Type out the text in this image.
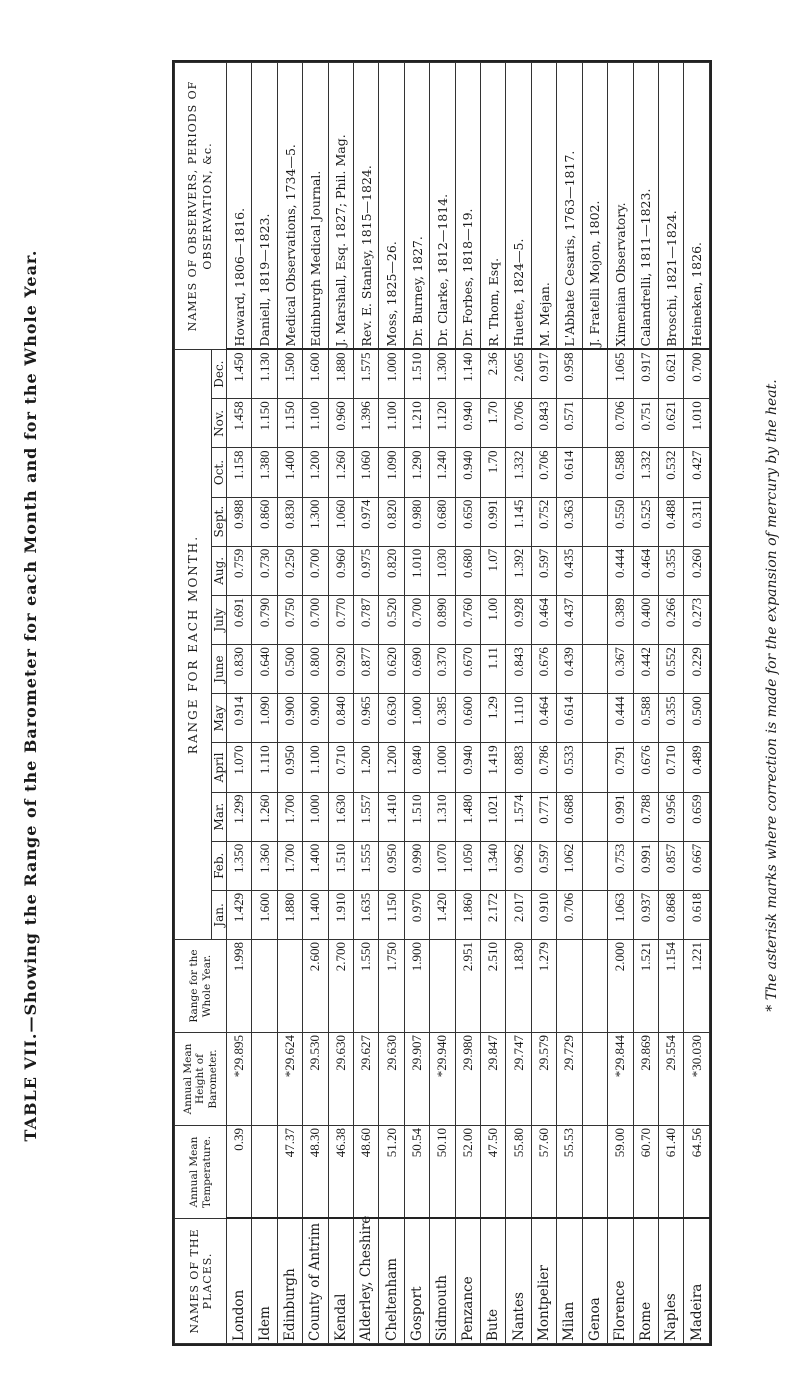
TABLE VII.—Showing the Range of the Barometer for each Month and for the Whole Year.
NAMES OF THE PLACES.	Annual Mean Temperature.	Annual Mean Height of Barometer.	Range for the Whole Year.	RANGE FOR EACH MONTH.												NAMES OF OBSERVERS, PERIODS OF OBSERVATION, &c.
				Jan.	Feb.	Mar.	April	May	June	July	Aug.	Sept.	Oct.	Nov.	Dec.	
London	0.39	*29.895	1.998	1.429	1.350	1.299	1.070	0.914	0.830	0.691	0.759	0.988	1.158	1.458	1.450	Howard, 1806—1816.
Idem				1.600	1.360	1.260	1.110	1.090	0.640	0.790	0.730	0.860	1.380	1.150	1.130	Daniell, 1819—1823.
Edinburgh	47.37	*29.624		1.880	1.700	1.700	0.950	0.900	0.500	0.750	0.250	0.830	1.400	1.150	1.500	Medical Observations, 1734—5.
County of Antrim	48.30	29.530	2.600	1.400	1.400	1.000	1.100	0.900	0.800	0.700	0.700	1.300	1.200	1.100	1.600	Edinburgh Medical Journal.
Kendal	46.38	29.630	2.700	1.910	1.510	1.630	0.710	0.840	0.920	0.770	0.960	1.060	1.260	0.960	1.880	J. Marshall, Esq. 1827; Phil. Mag.
Alderley, Cheshire	48.60	29.627	1.550	1.635	1.555	1.557	1.200	0.965	0.877	0.787	0.975	0.974	1.060	1.396	1.575	Rev. E. Stanley, 1815—1824.
Cheltenham	51.20	29.630	1.750	1.150	0.950	1.410	1.200	0.630	0.620	0.520	0.820	0.820	1.090	1.100	1.000	Moss, 1825—26.
Gosport	50.54	29.907	1.900	0.970	0.990	1.510	0.840	1.000	0.690	0.700	1.010	0.980	1.290	1.210	1.510	Dr. Burney, 1827.
Sidmouth	50.10	*29.940		1.420	1.070	1.310	1.000	0.385	0.370	0.890	1.030	0.680	1.240	1.120	1.300	Dr. Clarke, 1812—1814.
Penzance	52.00	29.980	2.951	1.860	1.050	1.480	0.940	0.600	0.670	0.760	0.680	0.650	0.940	0.940	1.140	Dr. Forbes, 1818—19.
Bute	47.50	29.847	2.510	2.172	1.340	1.021	1.419	1.29	1.11	1.00	1.07	0.991	1.70	1.70	2.36	R. Thom, Esq.
Nantes	55.80	29.747	1.830	2.017	0.962	1.574	0.883	1.110	0.843	0.928	1.392	1.145	1.332	0.706	2.065	Huette, 1824—5.
Montpelier	57.60	29.579	1.279	0.910	0.597	0.771	0.786	0.464	0.676	0.464	0.597	0.752	0.706	0.843	0.917	M. Mejan.
Milan	55.53	29.729		0.706	1.062	0.688	0.533	0.614	0.439	0.437	0.435	0.363	0.614	0.571	0.958	L'Abbate Cesaris, 1763—1817.
Genoa																J. Fratelli Mojon, 1802.
Florence	59.00	*29.844	2.000	1.063	0.753	0.991	0.791	0.444	0.367	0.389	0.444	0.550	0.588	0.706	1.065	Ximenian Observatory.
Rome	60.70	29.869	1.521	0.937	0.991	0.788	0.676	0.588	0.442	0.400	0.464	0.525	1.332	0.751	0.917	Calandrelli, 1811—1823.
Naples	61.40	29.554	1.154	0.868	0.857	0.956	0.710	0.355	0.552	0.266	0.355	0.488	0.532	0.621	0.621	Broschi, 1821—1824.
Madeira	64.56	*30.030	1.221	0.618	0.667	0.659	0.489	0.500	0.229	0.273	0.260	0.311	0.427	1.010	0.700	Heineken, 1826.
* The asterisk marks where correction is made for the expansion of mercury by the heat.
